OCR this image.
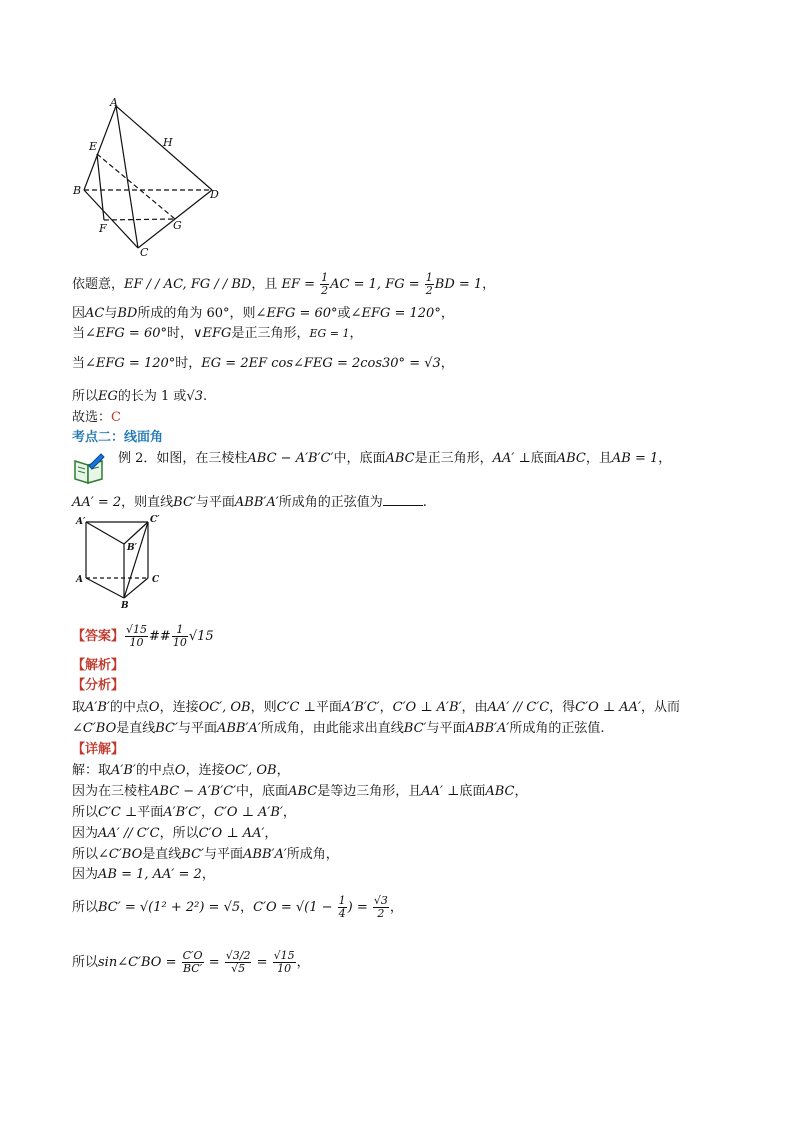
A
H
E
B	D
F	G
C
依题意，EF / / AC, FG / / BD，且 EF = $\frac{1}{2}$ AC = 1, FG = $\frac{1}{2}$ BD = 1，
因AC与BD所成的角为 60°，则∠EFG = 60°或∠EFG = 120°，
当∠EFG = 60°时，∨EFG是正三角形，EG = 1，
当∠EFG = 120°时，EG = 2EF cos∠FEG = 2cos30° = √3，
所以EG的长为 1 或√3.
故选：C
考点二：线面角
例 2．如图，在三棱柱ABC − A′B′C′中，底面ABC是正三角形，AA′ ⊥底面ABC，且AB = 1，
AA′ = 2，则直线BC′与平面ABB′A′所成角的正弦值为	.
A′	C′
B′
A	C
B
【答案】 $\frac{√15}{10}$ ## $\frac{1}{10} √15$
【解析】
【分析】
取A′B′的中点O，连接OC′, OB，则C′C ⊥平面A′B′C′，C′O ⊥ A′B′，由AA′ // C′C，得C′O ⊥ AA′，从而
∠C′BO是直线BC′与平面ABB′A′所成角，由此能求出直线BC′与平面ABB′A′所成角的正弦值.
【详解】
解：取A′B′的中点O，连接OC′, OB，
因为在三棱柱ABC − A′B′C′中，底面ABC是等边三角形，且AA′ ⊥底面ABC，
所以C′C ⊥平面A′B′C′，C′O ⊥ A′B′，
因为AA′ // C′C，所以C′O ⊥ AA′，
所以∠C′BO是直线BC′与平面ABB′A′所成角，
因为AB = 1, AA′ = 2，
所以BC′ = √(1² + 2²) = √5，$C'O = √(1 - \frac{1}{4}$ ) = $\frac{√3}{2}$ ，
所以sin∠C′BO = $\frac{C'O}{BC'} = \frac{√3/2}{√5} = \frac{√15}{10}$ ，
